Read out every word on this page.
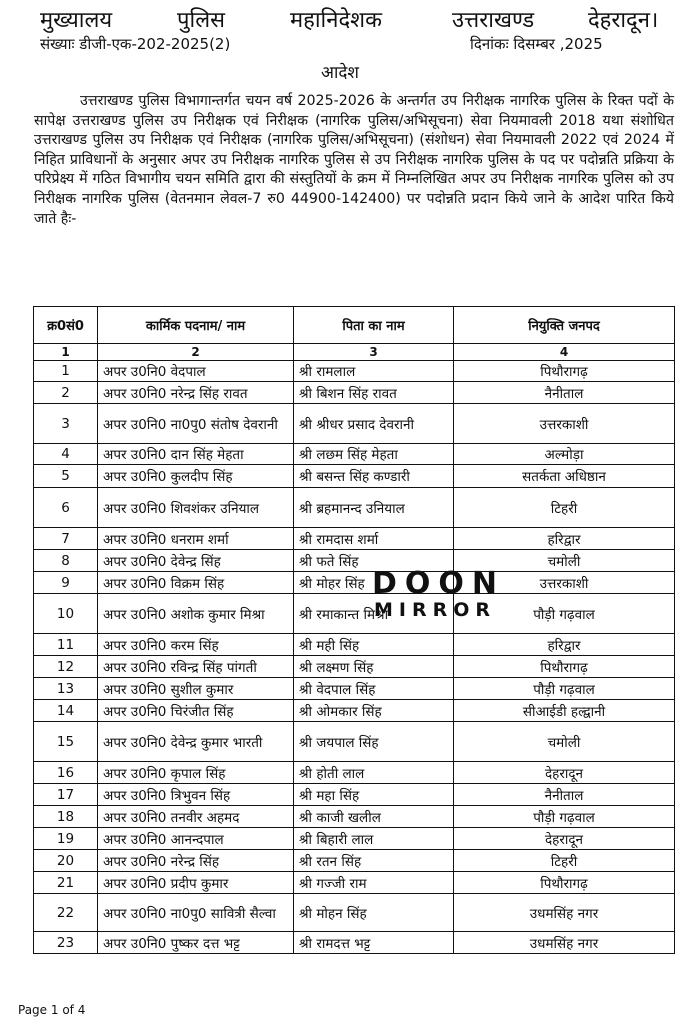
मुख्यालय	पुलिस	महानिदेशक	उत्तराखण्ड देहरादून।
संख्याः डीजी-एक-202-2025(2)	दिनांकः दिसम्बर ,2025
आदेश
उत्तराखण्ड पुलिस विभागान्तर्गत चयन वर्ष 2025-2026 के अन्तर्गत उप निरीक्षक नागरिक पुलिस के रिक्त पदों के सापेक्ष उत्तराखण्ड पुलिस उप निरीक्षक एवं निरीक्षक (नागरिक पुलिस/अभिसूचना) सेवा नियमावली 2018 यथा संशोधित उत्तराखण्ड पुलिस उप निरीक्षक एवं निरीक्षक (नागरिक पुलिस/अभिसूचना) (संशोधन) सेवा नियमावली 2022 एवं 2024 में निहित प्राविधानों के अनुसार अपर उप निरीक्षक नागरिक पुलिस से उप निरीक्षक नागरिक पुलिस के पद पर पदोन्नति प्रक्रिया के परिप्रेक्ष्य में गठित विभागीय चयन समिति द्वारा की संस्तुतियों के क्रम में निम्नलिखित अपर उप निरीक्षक नागरिक पुलिस को उप निरीक्षक नागरिक पुलिस (वेतनमान लेवल-7 रु0 44900-142400) पर पदोन्नति प्रदान किये जाने के आदेश पारित किये जाते हैः-
क्र0सं0	कार्मिक पदनाम/ नाम	पिता का नाम	नियुक्ति जनपद
1	2	3	4
1	अपर उ0नि0 वेदपाल	श्री रामलाल	पिथौरागढ़
2	अपर उ0नि0 नरेन्द्र सिंह रावत	श्री बिशन सिंह रावत	नैनीताल
3	अपर उ0नि0 ना0पु0 संतोष देवरानी	श्री श्रीधर प्रसाद देवरानी	उत्तरकाशी
4	अपर उ0नि0 दान सिंह मेहता	श्री लछम सिंह मेहता	अल्मोड़ा
5	अपर उ0नि0 कुलदीप सिंह	श्री बसन्त सिंह कण्डारी	सतर्कता अधिष्ठान
6	अपर उ0नि0 शिवशंकर उनियाल	श्री ब्रहमानन्द उनियाल	टिहरी
7	अपर उ0नि0 धनराम शर्मा	श्री रामदास शर्मा	हरिद्वार
8	अपर उ0नि0 देवेन्द्र सिंह	श्री फते सिंह	चमोली
9	अपर उ0नि0 विक्रम सिंह	श्री मोहर सिंह	उत्तरकाशी
10	अपर उ0नि0 अशोक कुमार मिश्रा	श्री रमाकान्त मिश्रा	पौड़ी गढ़वाल
11	अपर उ0नि0 करम सिंह	श्री मही सिंह	हरिद्वार
12	अपर उ0नि0 रविन्द्र सिंह पांगती	श्री लक्ष्मण सिंह	पिथौरागढ़
13	अपर उ0नि0 सुशील कुमार	श्री वेदपाल सिंह	पौड़ी गढ़वाल
14	अपर उ0नि0 चिरंजीत सिंह	श्री ओमकार सिंह	सीआईडी हल्द्वानी
15	अपर उ0नि0 देवेन्द्र कुमार भारती	श्री जयपाल सिंह	चमोली
16	अपर उ0नि0 कृपाल सिंह	श्री होती लाल	देहरादून
17	अपर उ0नि0 त्रिभुवन सिंह	श्री महा सिंह	नैनीताल
18	अपर उ0नि0 तनवीर अहमद	श्री काजी खलील	पौड़ी गढ़वाल
19	अपर उ0नि0 आनन्दपाल	श्री बिहारी लाल	देहरादून
20	अपर उ0नि0 नरेन्द्र सिंह	श्री रतन सिंह	टिहरी
21	अपर उ0नि0 प्रदीप कुमार	श्री गज्जी राम	पिथौरागढ़
22	अपर उ0नि0 ना0पु0 सावित्री सैल्वा	श्री मोहन सिंह	उधमसिंह नगर
23	अपर उ0नि0 पुष्कर दत्त भट्ट	श्री रामदत्त भट्ट	उधमसिंह नगर
DOON
MIRROR
Page 1 of 4
